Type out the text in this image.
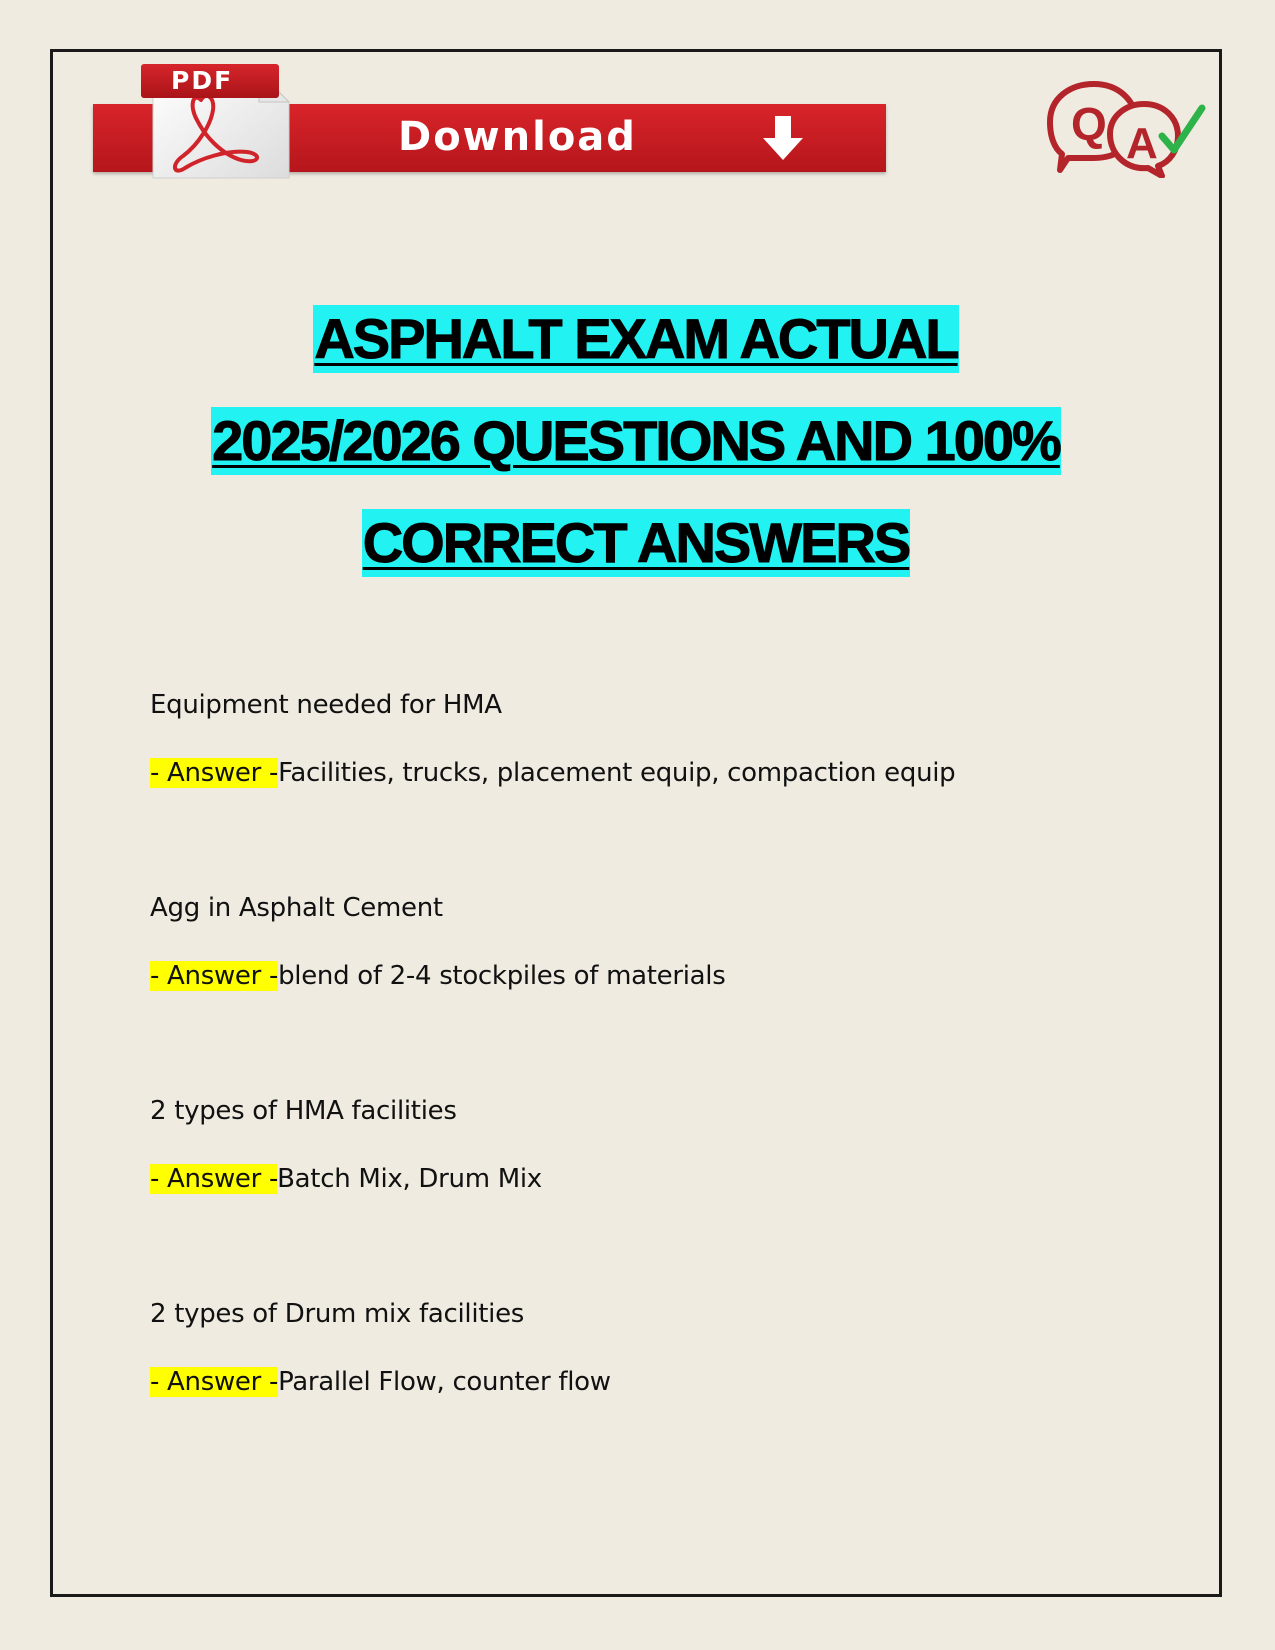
Download
PDF
Q A
ASPHALT EXAM ACTUAL
2025/2026 QUESTIONS AND 100%
CORRECT ANSWERS
Equipment needed for HMA
- Answer -Facilities, trucks, placement equip, compaction equip
Agg in Asphalt Cement
- Answer -blend of 2-4 stockpiles of materials
2 types of HMA facilities
- Answer -Batch Mix, Drum Mix
2 types of Drum mix facilities
- Answer -Parallel Flow, counter flow
